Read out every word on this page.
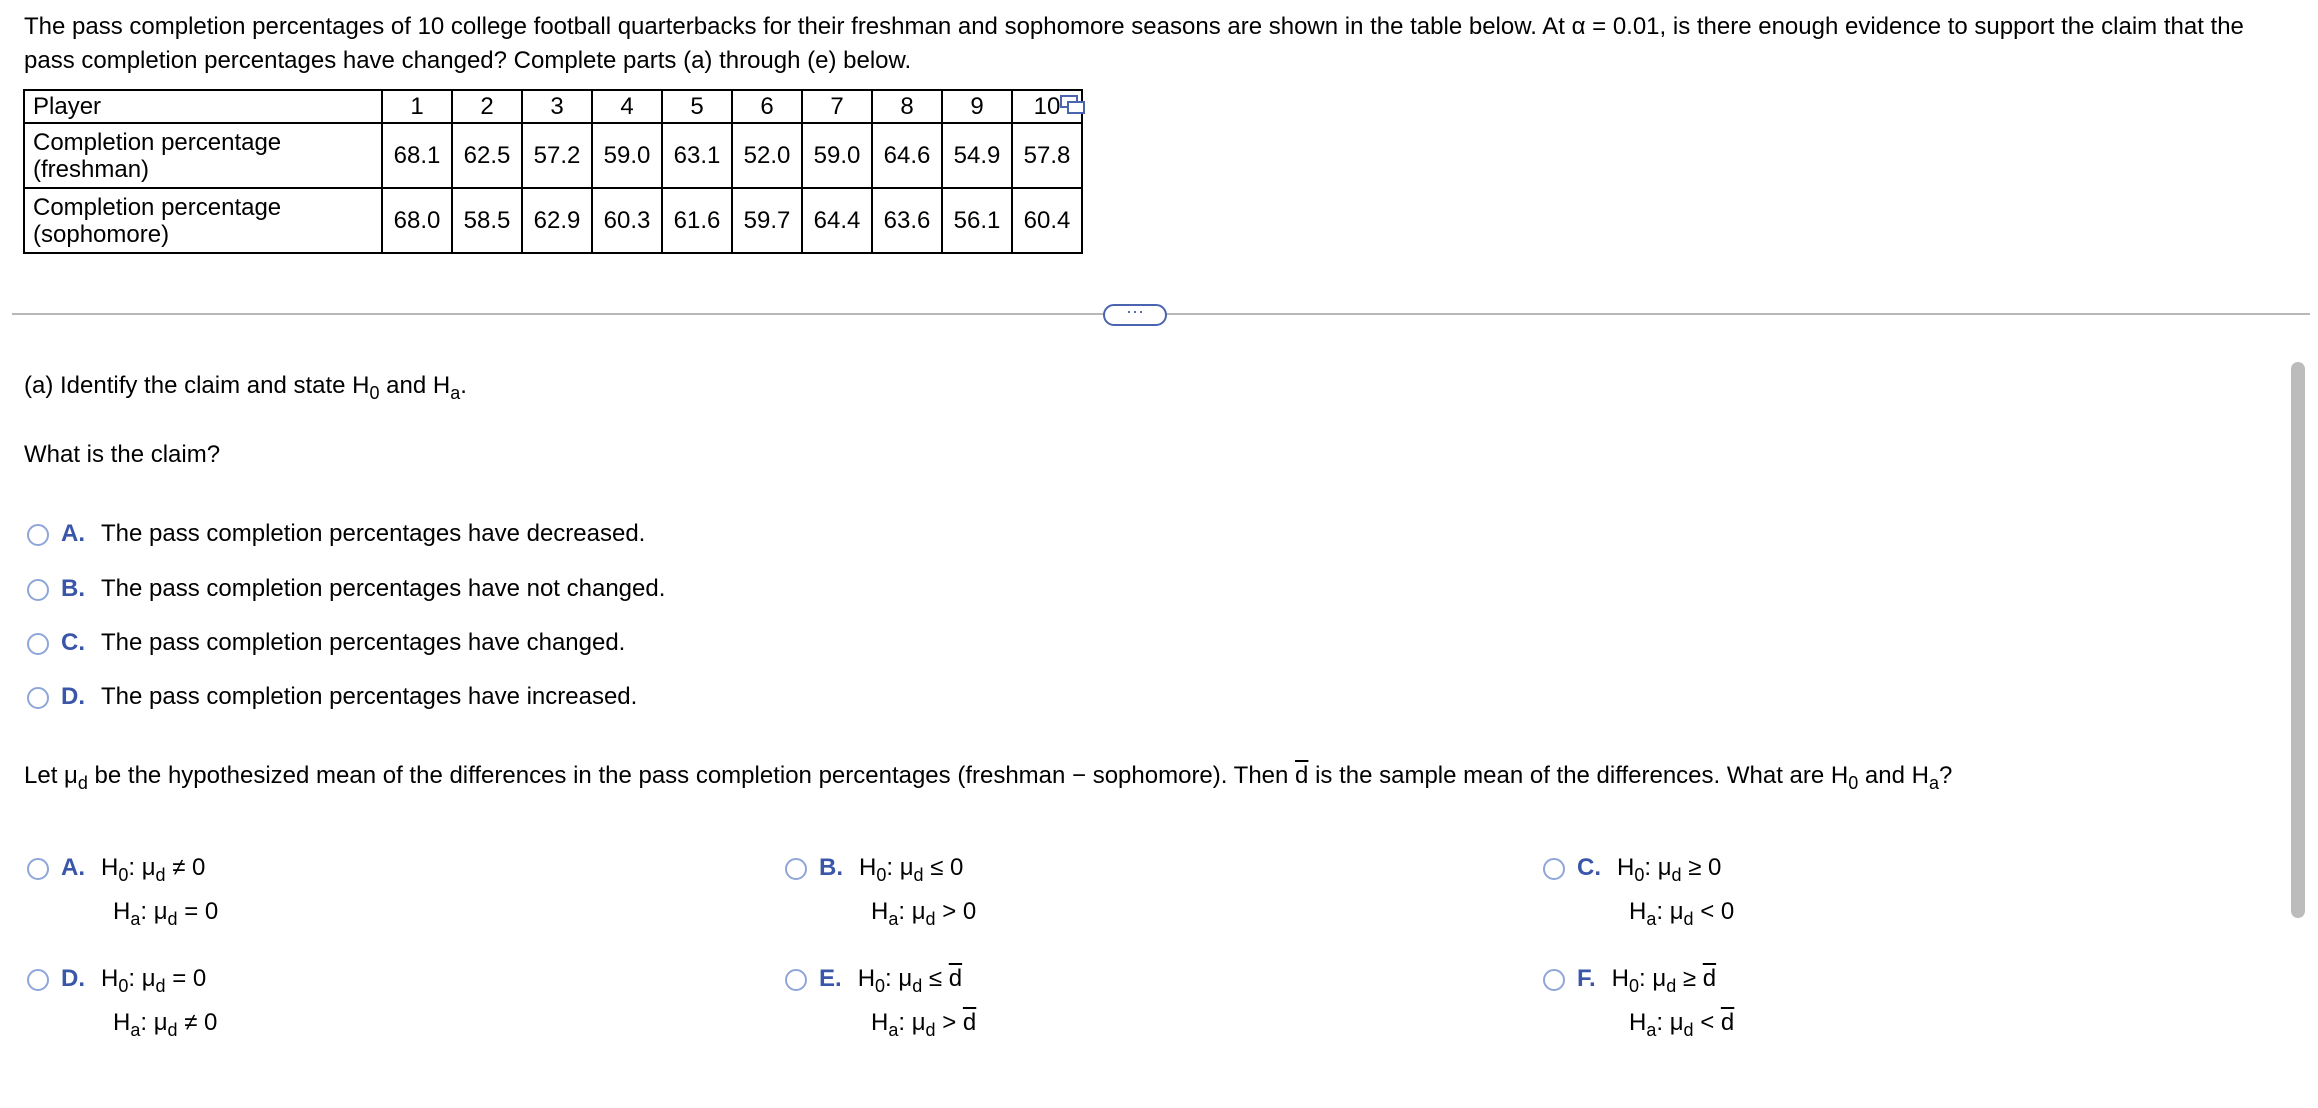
The pass completion percentages of 10 college football quarterbacks for their freshman and sophomore seasons are shown in the table below. At α = 0.01, is there enough evidence to support the claim that the pass completion percentages have changed? Complete parts (a) through (e) below.
Player	1	2	3	4	5	6	7	8	9	10
Completion percentage (freshman)	68.1	62.5	57.2	59.0	63.1	52.0	59.0	64.6	54.9	57.8
Completion percentage (sophomore)	68.0	58.5	62.9	60.3	61.6	59.7	64.4	63.6	56.1	60.4
···
(a) Identify the claim and state $H_0$ and $H_a$.
What is the claim?
A. The pass completion percentages have decreased.
B. The pass completion percentages have not changed.
C. The pass completion percentages have changed.
D. The pass completion percentages have increased.
Let $\mu_d$ be the hypothesized mean of the differences in the pass completion percentages (freshman − sophomore). Then $\overline{d}$ is the sample mean of the differences. What are $H_0$ and $H_a$?
A. $H_0$: $\mu_d \ne 0$
$H_a$: $\mu_d = 0$
B. $H_0$: $\mu_d \le 0$
$H_a$: $\mu_d > 0$
C. $H_0$: $\mu_d \ge 0$
$H_a$: $\mu_d < 0$
D. $H_0$: $\mu_d = 0$
$H_a$: $\mu_d \ne 0$
E. $H_0$: $\mu_d \le \overline{d}$
$H_a$: $\mu_d > \overline{d}$
F. $H_0$: $\mu_d \ge \overline{d}$
$H_a$: $\mu_d < \overline{d}$
